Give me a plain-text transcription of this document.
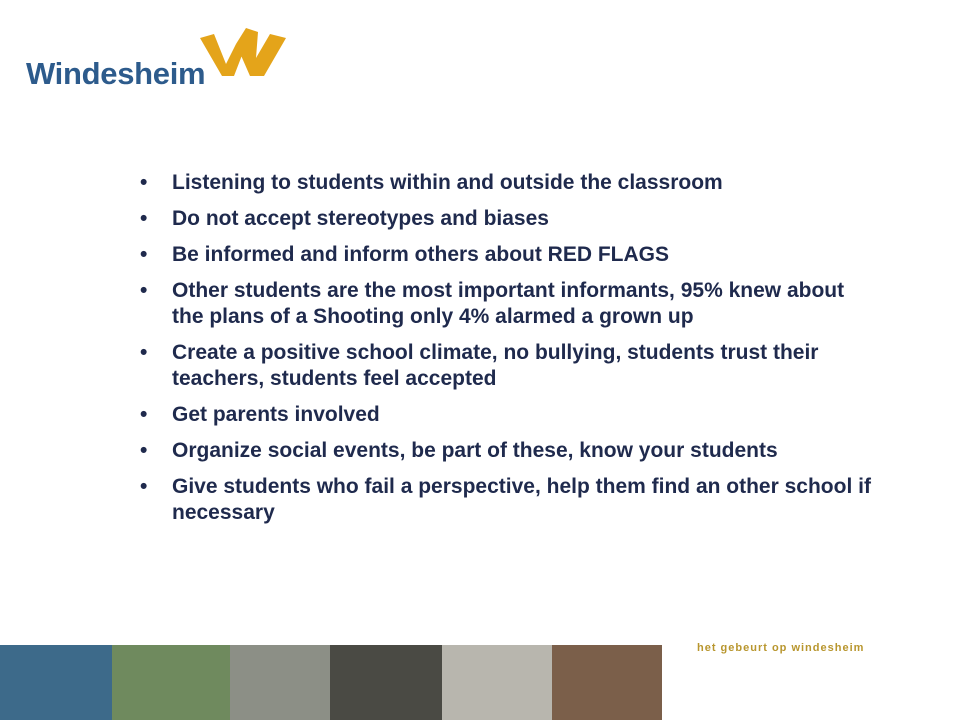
Windesheim
• Listening to students within and outside the classroom
• Do not accept stereotypes and biases
• Be informed and inform others about RED FLAGS
• Other students are the most important informants, 95% knew about the plans of a Shooting only 4% alarmed a grown up
• Create a positive school climate, no bullying, students trust their teachers, students feel accepted
• Get parents involved
• Organize social events, be part of these, know your students
• Give students who fail a perspective, help them find an other school if necessary
het gebeurt op windesheim
